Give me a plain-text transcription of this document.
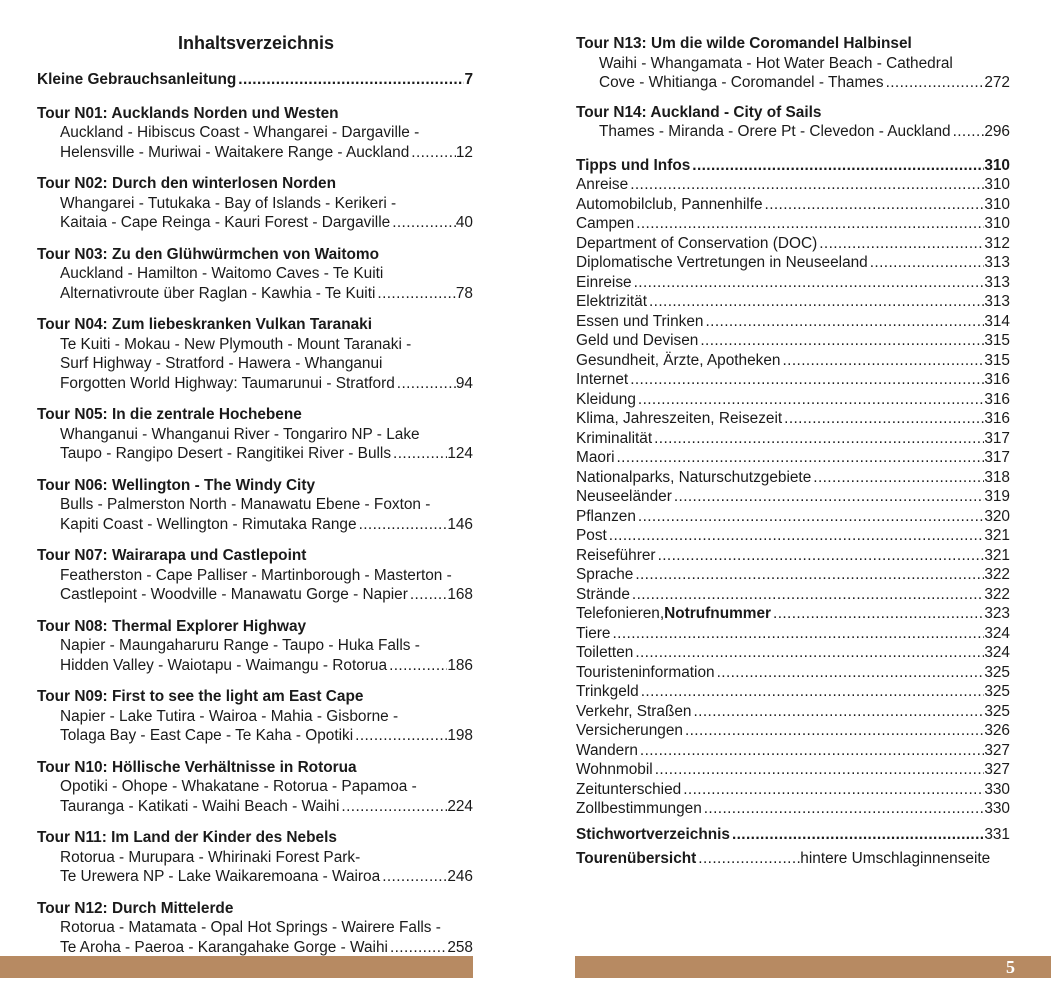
Inhaltsverzeichnis
Kleine Gebrauchsanleitung .....	7
Tour N01: Aucklands Norden und Westen
Auckland - Hibiscus Coast - Whangarei - Dargaville -
Helensville - Muriwai - Waitakere Range - Auckland .....	12
Tour N02: Durch den winterlosen Norden
Whangarei - Tutukaka - Bay of Islands - Kerikeri -
Kaitaia - Cape Reinga - Kauri Forest - Dargaville .....	40
Tour N03: Zu den Glühwürmchen von Waitomo
Auckland - Hamilton - Waitomo Caves - Te Kuiti
Alternativroute über Raglan - Kawhia - Te Kuiti .....	78
Tour N04: Zum liebeskranken Vulkan Taranaki
Te Kuiti - Mokau - New Plymouth - Mount Taranaki -
Surf Highway - Stratford - Hawera - Whanganui
Forgotten World Highway: Taumarunui - Stratford .....	94
Tour N05: In die zentrale Hochebene
Whanganui - Whanganui River - Tongariro NP - Lake
Taupo - Rangipo Desert - Rangitikei River - Bulls .....	124
Tour N06: Wellington - The Windy City
Bulls - Palmerston North - Manawatu Ebene - Foxton -
Kapiti Coast - Wellington - Rimutaka Range .....	146
Tour N07: Wairarapa und Castlepoint
Featherston - Cape Palliser - Martinborough - Masterton -
Castlepoint - Woodville - Manawatu Gorge - Napier .....	168
Tour N08: Thermal Explorer Highway
Napier - Maungaharuru Range - Taupo - Huka Falls -
Hidden Valley - Waiotapu - Waimangu - Rotorua .....	186
Tour N09: First to see the light am East Cape
Napier - Lake Tutira - Wairoa - Mahia - Gisborne -
Tolaga Bay - East Cape - Te Kaha - Opotiki .....	198
Tour N10: Höllische Verhältnisse in Rotorua
Opotiki - Ohope - Whakatane - Rotorua - Papamoa -
Tauranga - Katikati - Waihi Beach - Waihi .....	224
Tour N11: Im Land der Kinder des Nebels
Rotorua - Murupara - Whirinaki Forest Park-
Te Urewera NP - Lake Waikaremoana - Wairoa .....	246
Tour N12: Durch Mittelerde
Rotorua - Matamata - Opal Hot Springs - Wairere Falls -
Te Aroha - Paeroa - Karangahake Gorge - Waihi .....	258
Tour N13: Um die wilde Coromandel Halbinsel
Waihi - Whangamata - Hot Water Beach - Cathedral
Cove - Whitianga - Coromandel - Thames .....	272
Tour N14: Auckland - City of Sails
Thames - Miranda - Orere Pt - Clevedon - Auckland ..... 296
Tipps und Infos .....	310
Anreise .....	310
Automobilclub, Pannenhilfe .....	310
Campen .....	310
Department of Conservation (DOC) .....	312
Diplomatische Vertretungen in Neuseeland .....	313
Einreise .....	313
Elektrizität .....	313
Essen und Trinken .....	314
Geld und Devisen .....	315
Gesundheit, Ärzte, Apotheken .....	315
Internet .....	316
Kleidung .....	316
Klima, Jahreszeiten, Reisezeit .....	316
Kriminalität .....	317
Maori .....	317
Nationalparks, Naturschutzgebiete .....	318
Neuseeländer .....	319
Pflanzen .....	320
Post .....	321
Reiseführer .....	321
Sprache .....	322
Strände .....	322
Telefonieren, Notrufnummer .....	323
Tiere .....	324
Toiletten .....	324
Touristeninformation .....	325
Trinkgeld .....	325
Verkehr, Straßen .....	325
Versicherungen .....	326
Wandern .....	327
Wohnmobil .....	327
Zeitunterschied .....	330
Zollbestimmungen .....	330
Stichwortverzeichnis .....	331
Tourenübersicht .....	hintere Umschlaginnenseite
5
